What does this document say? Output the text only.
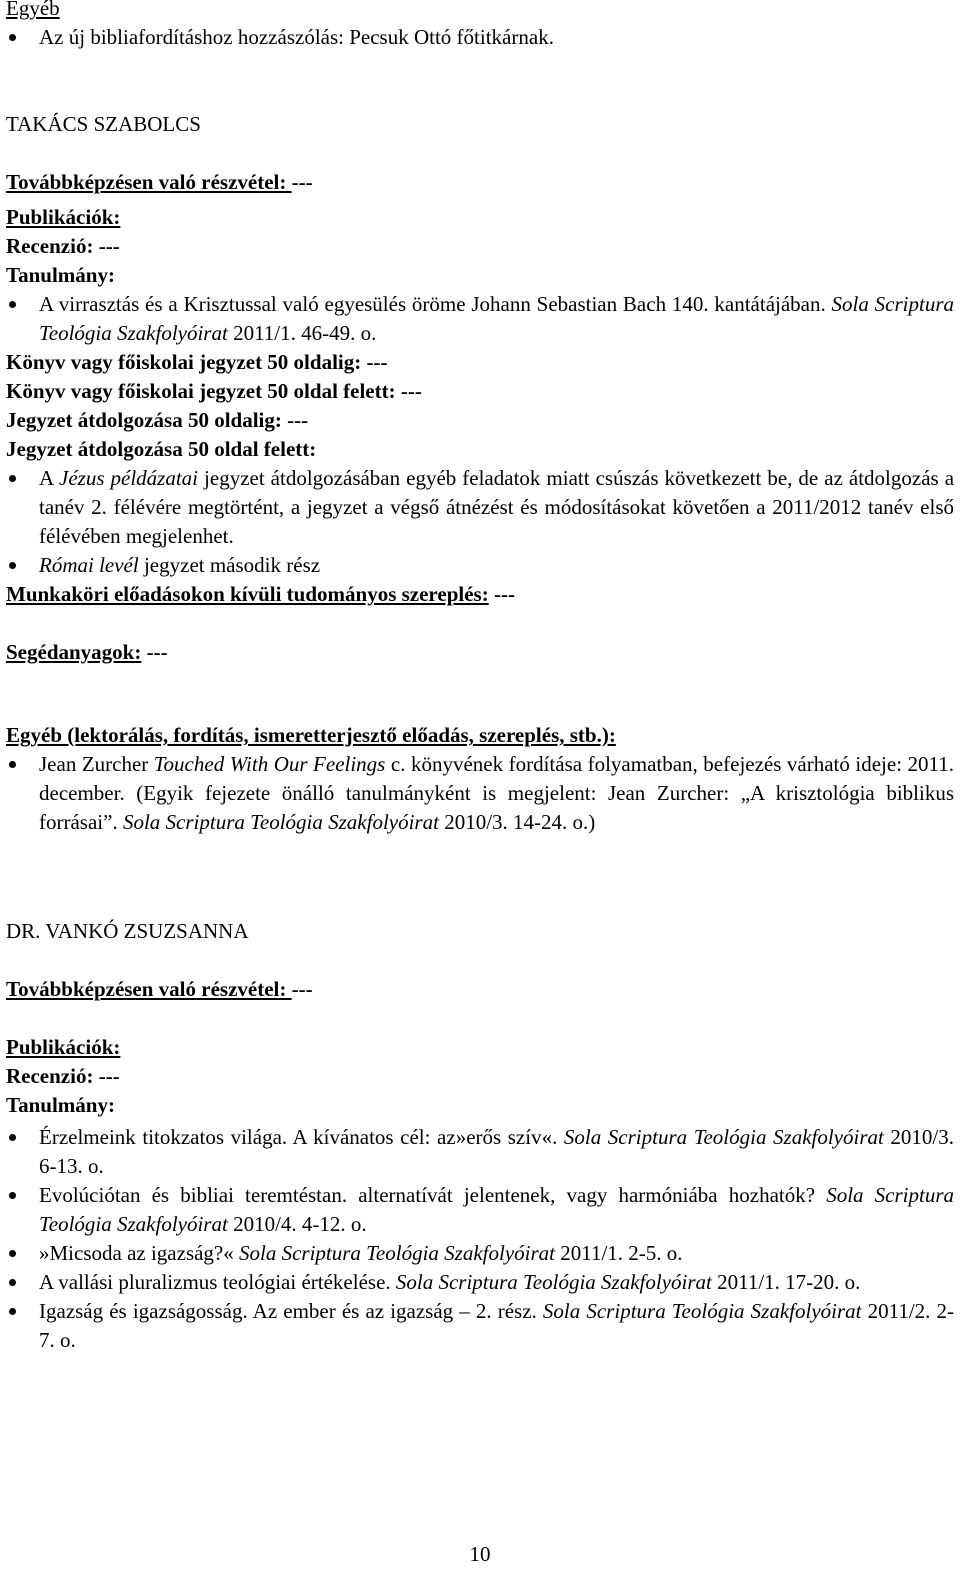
Egyéb

Az új bibliafordításhoz hozzászólás: Pecsuk Ottó főtitkárnak.

TAKÁCS SZABOLCS

Továbbképzésen való részvétel: ---

Publikációk:

Recenzió: ---

Tanulmány:

A virrasztás és a Krisztussal való egyesülés öröme Johann Sebastian Bach 140. kantátájában. Sola Scriptura Teológia Szakfolyóirat 2011/1. 46-49. o.

Könyv vagy főiskolai jegyzet 50 oldalig: ---

Könyv vagy főiskolai jegyzet 50 oldal felett: ---

Jegyzet átdolgozása 50 oldalig: ---

Jegyzet átdolgozása 50 oldal felett:

A Jézus példázatai jegyzet átdolgozásában egyéb feladatok miatt csúszás következett be, de az átdolgozás a tanév 2. félévére megtörtént, a jegyzet a végső átnézést és módosításokat követően a 2011/2012 tanév első félévében megjelenhet.
Római levél jegyzet második rész

Munkaköri előadásokon kívüli tudományos szereplés: ---

Segédanyagok: ---

Egyéb (lektorálás, fordítás, ismeretterjesztő előadás, szereplés, stb.):

Jean Zurcher Touched With Our Feelings c. könyvének fordítása folyamatban, befejezés várható ideje: 2011. december. (Egyik fejezete önálló tanulmányként is megjelent: Jean Zurcher: „A krisztológia biblikus forrásai”. Sola Scriptura Teológia Szakfolyóirat 2010/3. 14-24. o.)

DR. VANKÓ ZSUZSANNA

Továbbképzésen való részvétel: ---

Publikációk:

Recenzió: ---

Tanulmány:

Érzelmeink titokzatos világa. A kívánatos cél: az»erős szív«. Sola Scriptura Teológia Szakfolyóirat 2010/3. 6-13. o.
Evolúciótan és bibliai teremtéstan. alternatívát jelentenek, vagy harmóniába hozhatók? Sola Scriptura Teológia Szakfolyóirat 2010/4. 4-12. o.
»Micsoda az igazság?« Sola Scriptura Teológia Szakfolyóirat 2011/1. 2-5. o.
A vallási pluralizmus teológiai értékelése. Sola Scriptura Teológia Szakfolyóirat 2011/1. 17-20. o.
Igazság és igazságosság. Az ember és az igazság – 2. rész. Sola Scriptura Teológia Szakfolyóirat 2011/2. 2-7. o.
10
